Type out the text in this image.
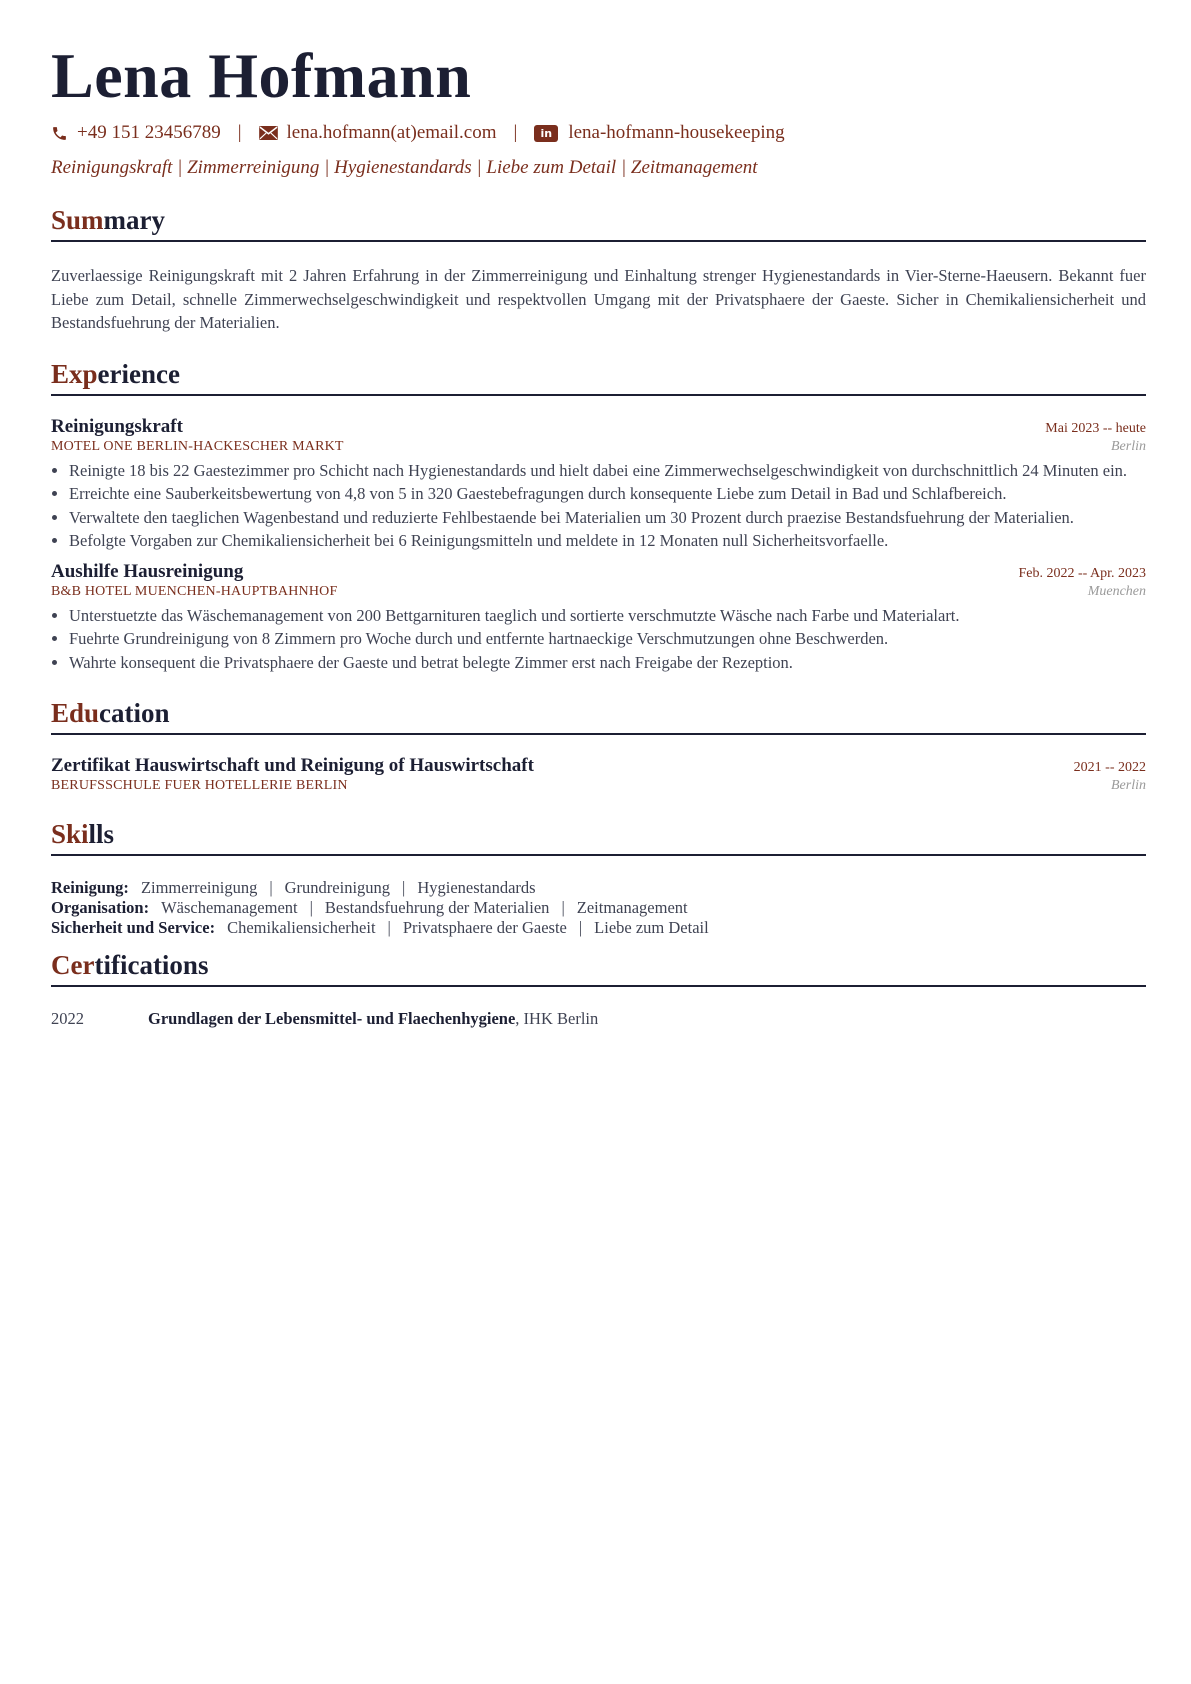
Lena Hofmann
+49 151 23456789 | lena.hofmann(at)email.com |	in lena-hofmann-housekeeping
Reinigungskraft | Zimmerreinigung | Hygienestandards | Liebe zum Detail | Zeitmanagement
Summary
Zuverlaessige Reinigungskraft mit 2 Jahren Erfahrung in der Zimmerreinigung und Einhaltung strenger Hygienestandards in Vier-Sterne-Haeusern. Bekannt fuer Liebe zum Detail, schnelle Zimmerwechselgeschwindigkeit und respektvollen Umgang mit der Privatsphaere der Gaeste. Sicher in Chemikaliensicherheit und Bestandsfuehrung der Materialien.
Experience
Reinigungskraft	Mai 2023 -- heute
MOTEL ONE BERLIN-HACKESCHER MARKT	Berlin
• Reinigte 18 bis 22 Gaestezimmer pro Schicht nach Hygienestandards und hielt dabei eine Zimmerwechselgeschwindigkeit von durchschnittlich 24 Minuten ein.
• Erreichte eine Sauberkeitsbewertung von 4,8 von 5 in 320 Gaestebefragungen durch konsequente Liebe zum Detail in Bad und Schlafbereich.
• Verwaltete den taeglichen Wagenbestand und reduzierte Fehlbestaende bei Materialien um 30 Prozent durch praezise Bestandsfuehrung der Materialien.
• Befolgte Vorgaben zur Chemikaliensicherheit bei 6 Reinigungsmitteln und meldete in 12 Monaten null Sicherheitsvorfaelle.
Aushilfe Hausreinigung	Feb. 2022 -- Apr. 2023
B&B HOTEL MUENCHEN-HAUPTBAHNHOF	Muenchen
• Unterstuetzte das Wäschemanagement von 200 Bettgarnituren taeglich und sortierte verschmutzte Wäsche nach Farbe und Materialart.
• Fuehrte Grundreinigung von 8 Zimmern pro Woche durch und entfernte hartnaeckige Verschmutzungen ohne Beschwerden.
• Wahrte konsequent die Privatsphaere der Gaeste und betrat belegte Zimmer erst nach Freigabe der Rezeption.
Education
Zertifikat Hauswirtschaft und Reinigung of Hauswirtschaft	2021 -- 2022
BERUFSSCHULE FUER HOTELLERIE BERLIN	Berlin
Skills
Reinigung: Zimmerreinigung | Grundreinigung | Hygienestandards
Organisation: Wäschemanagement | Bestandsfuehrung der Materialien | Zeitmanagement
Sicherheit und Service: Chemikaliensicherheit | Privatsphaere der Gaeste | Liebe zum Detail
Certifications
2022	Grundlagen der Lebensmittel- und Flaechenhygiene, IHK Berlin
